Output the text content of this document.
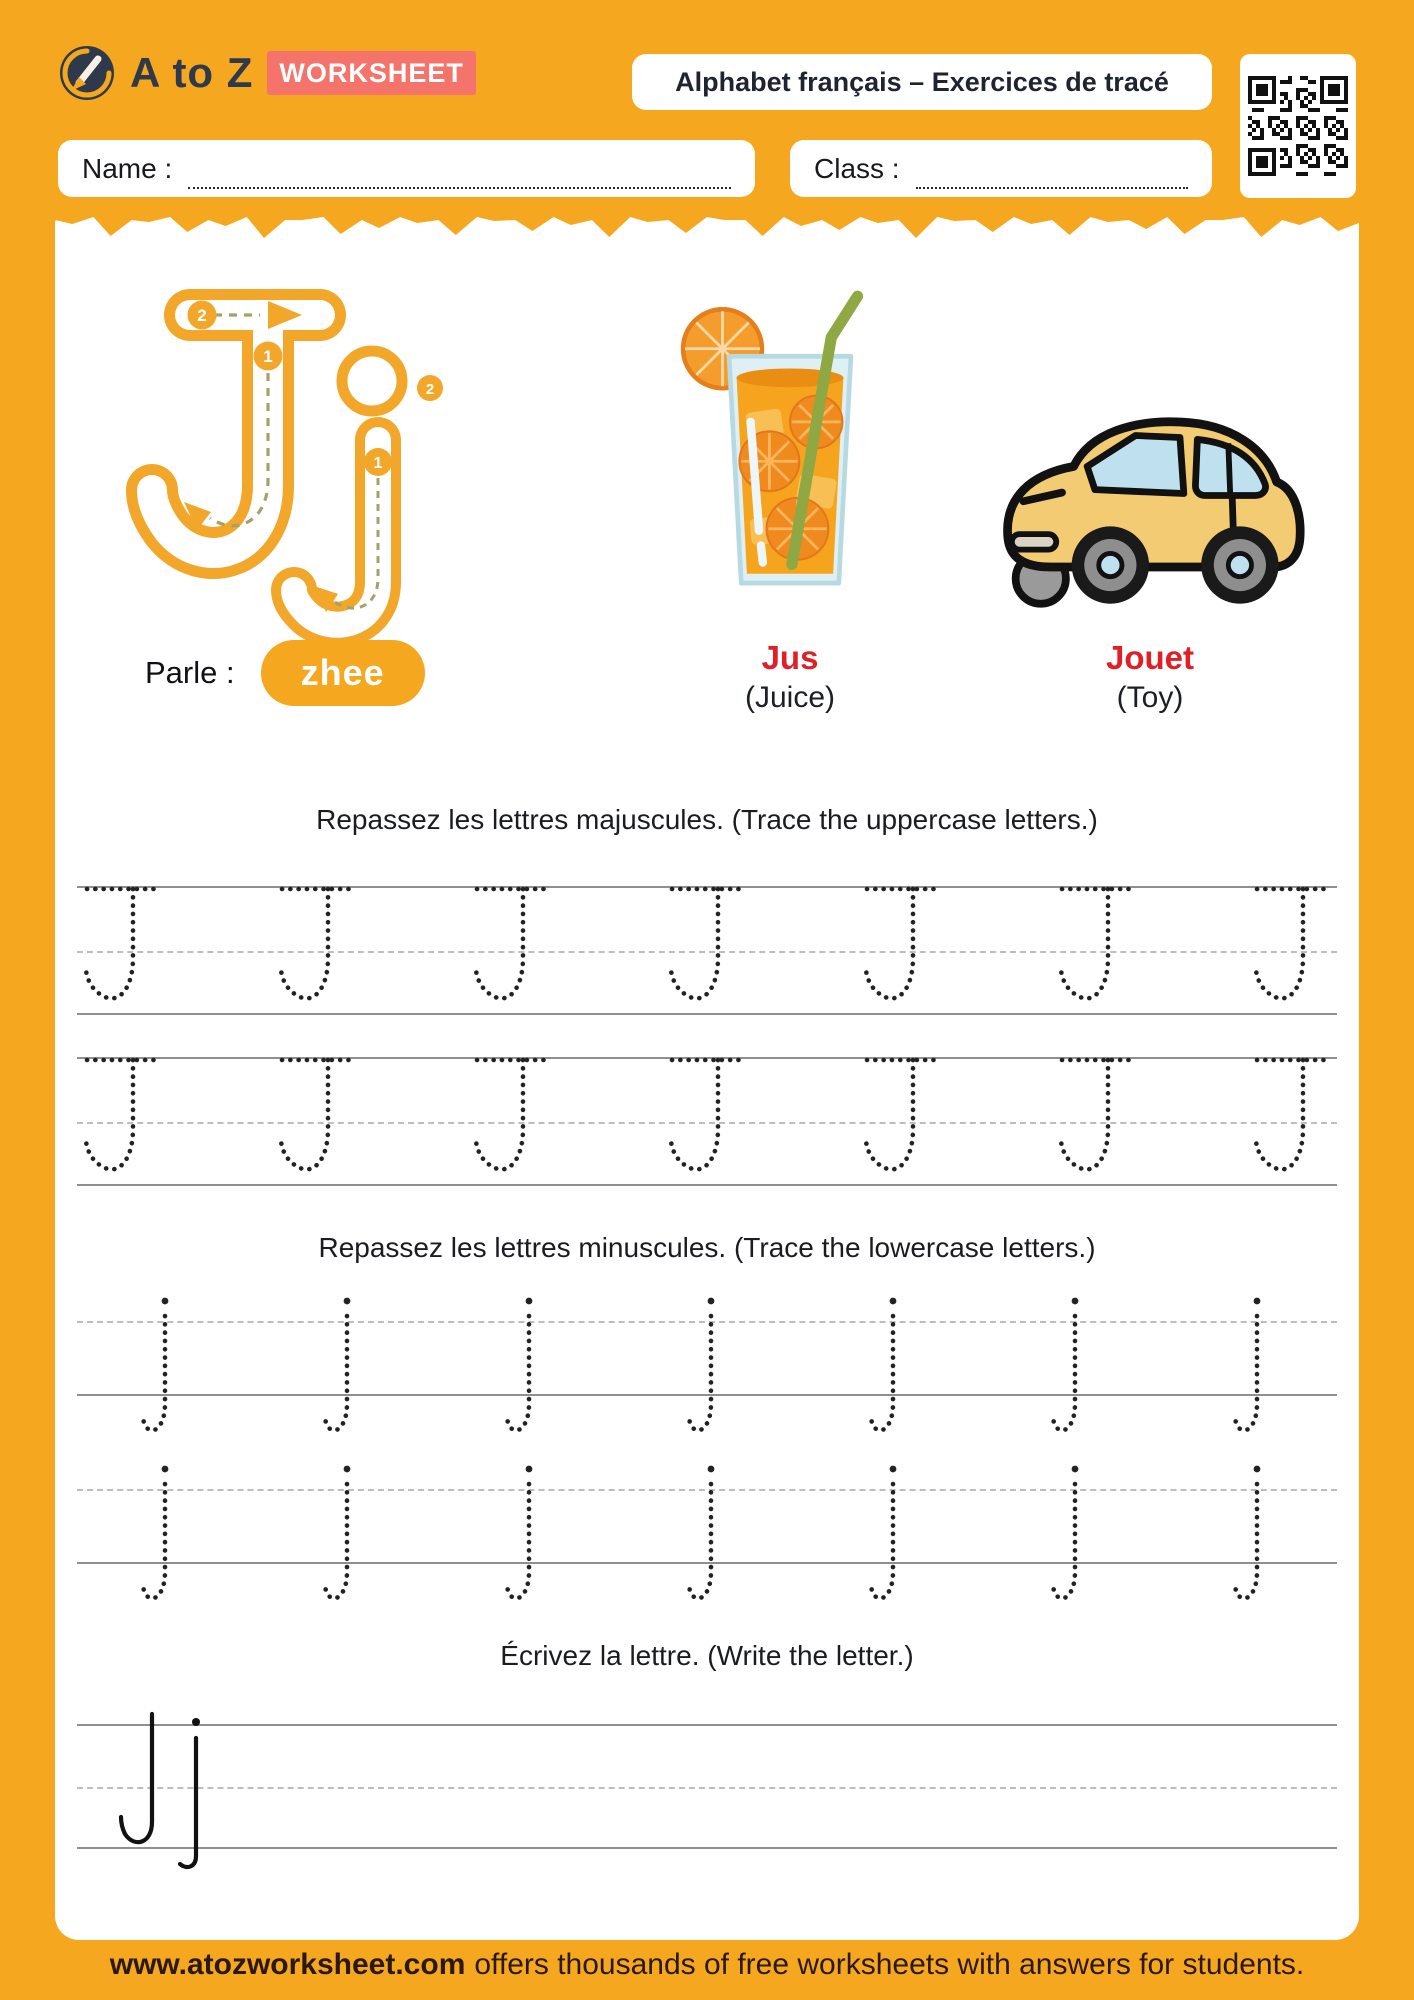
A to Z WORKSHEET	Alphabet français – Exercices de tracé
Name :	Class :
2
1
2
1
Parle :	zhee	Jus
(Juice)
Jouet
(Toy)
Repassez les lettres majuscules. (Trace the uppercase letters.)
Repassez les lettres minuscules. (Trace the lowercase letters.)
Écrivez la lettre. (Write the letter.)
www.atozworksheet.com offers thousands of free worksheets with answers for students.
